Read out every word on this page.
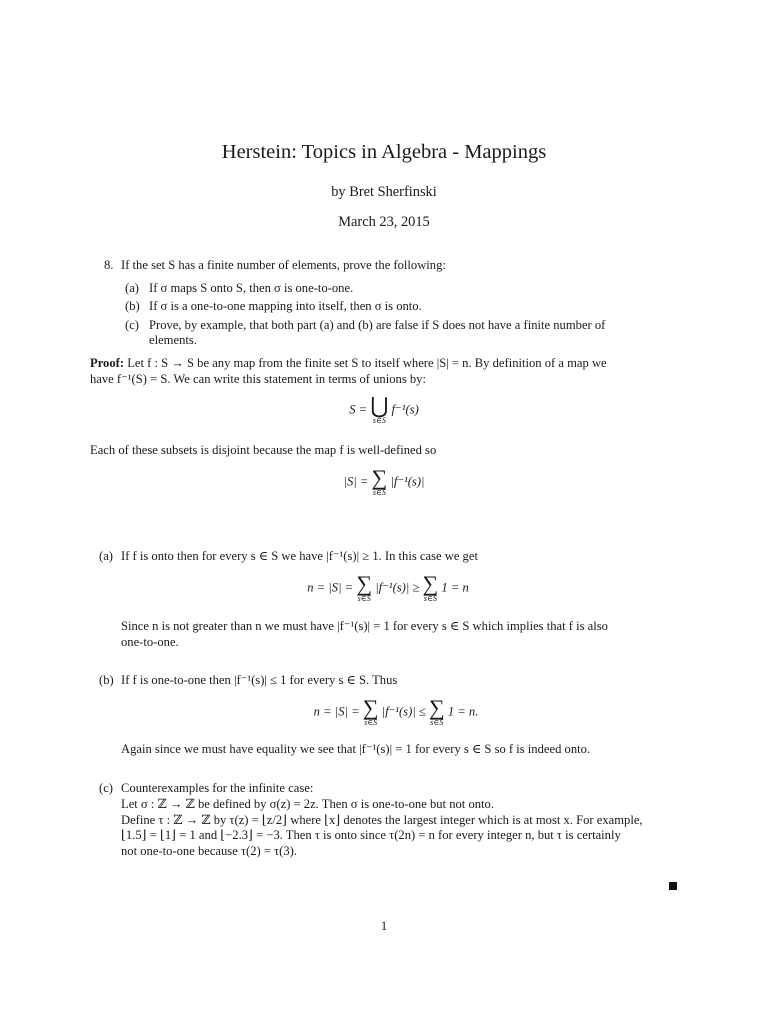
Herstein: Topics in Algebra - Mappings
by Bret Sherfinski
March 23, 2015
8. If the set S has a finite number of elements, prove the following:
(a) If σ maps S onto S, then σ is one-to-one.
(b) If σ is a one-to-one mapping into itself, then σ is onto.
(c) Prove, by example, that both part (a) and (b) are false if S does not have a finite number of
elements.
Proof: Let f : S → S be any map from the finite set S to itself where |S| = n. By definition of a map we
have f⁻¹(S) = S. We can write this statement in terms of unions by:
S = ⋃
s∈S
f⁻¹(s)
Each of these subsets is disjoint because the map f is well-defined so
|S| = ∑
s∈S
|f⁻¹(s)|
(a) If f is onto then for every s ∈ S we have |f⁻¹(s)| ≥ 1. In this case we get
n = |S| = ∑
s∈S
|f⁻¹(s)| ≥ ∑
s∈S
1 = n
Since n is not greater than n we must have |f⁻¹(s)| = 1 for every s ∈ S which implies that f is also
one-to-one.
(b) If f is one-to-one then |f⁻¹(s)| ≤ 1 for every s ∈ S. Thus
n = |S| = ∑
s∈S
|f⁻¹(s)| ≤ ∑
s∈S
1 = n.
Again since we must have equality we see that |f⁻¹(s)| = 1 for every s ∈ S so f is indeed onto.
(c) Counterexamples for the infinite case:
Let σ : ℤ → ℤ be defined by σ(z) = 2z. Then σ is one-to-one but not onto.
Define τ : ℤ → ℤ by τ(z) = ⌊z/2⌋ where ⌊x⌋ denotes the largest integer which is at most x. For example,
⌊1.5⌋ = ⌊1⌋ = 1 and ⌊−2.3⌋ = −3. Then τ is onto since τ(2n) = n for every integer n, but τ is certainly
not one-to-one because τ(2) = τ(3).
1
